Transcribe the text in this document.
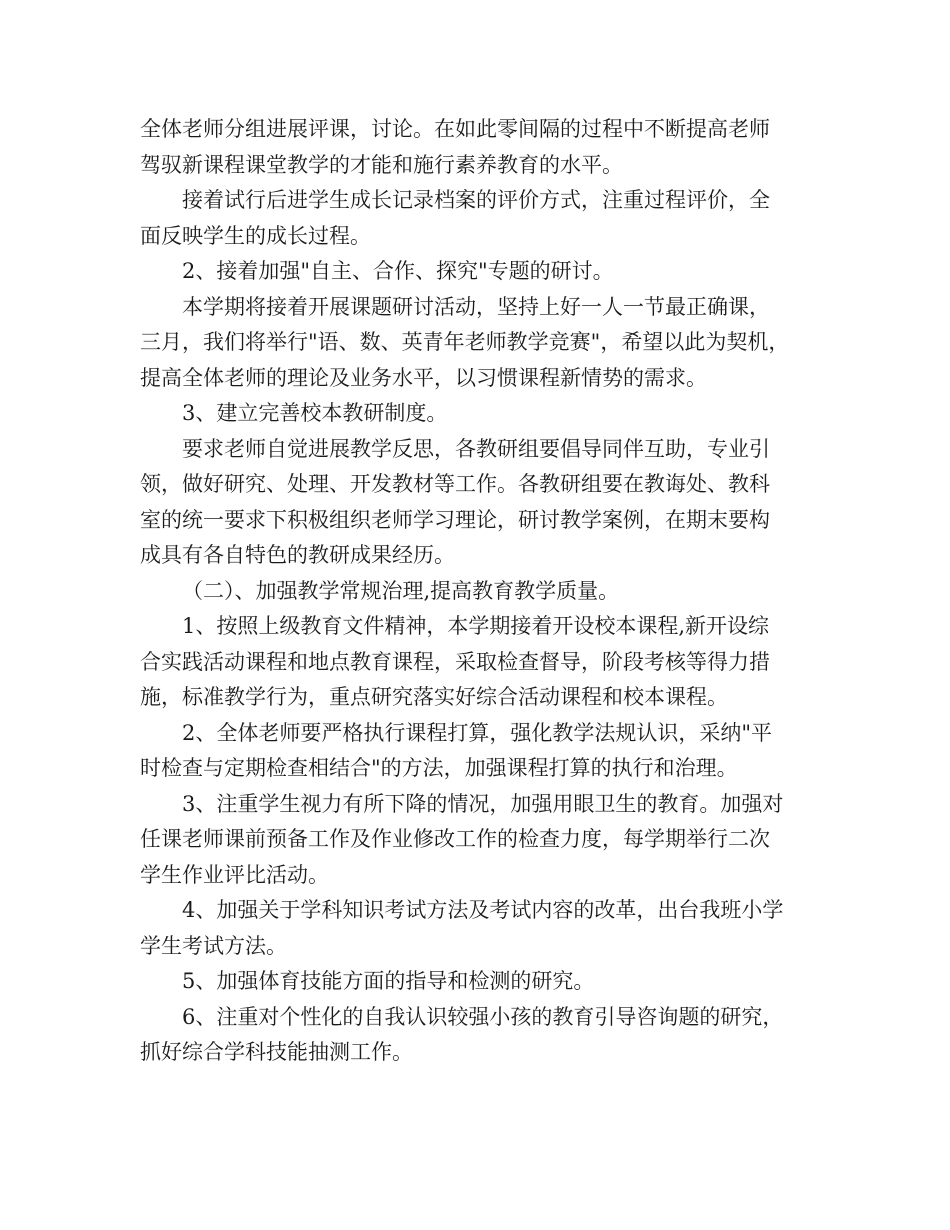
全体老师分组进展评课，讨论。在如此零间隔的过程中不断提高老师
驾驭新课程课堂教学的才能和施行素养教育的水平。

接着试行后进学生成长记录档案的评价方式，注重过程评价，全
面反映学生的成长过程。

2、接着加强"自主、合作、探究"专题的研讨。

本学期将接着开展课题研讨活动，坚持上好一人一节最正确课，
三月，我们将举行"语、数、英青年老师教学竞赛"，希望以此为契机，
提高全体老师的理论及业务水平，以习惯课程新情势的需求。

3、建立完善校本教研制度。

要求老师自觉进展教学反思，各教研组要倡导同伴互助，专业引
领，做好研究、处理、开发教材等工作。各教研组要在教诲处、教科
室的统一要求下积极组织老师学习理论，研讨教学案例，在期末要构
成具有各自特色的教研成果经历。

（二）、加强教学常规治理,提高教育教学质量。

1、按照上级教育文件精神，本学期接着开设校本课程,新开设综
合实践活动课程和地点教育课程，采取检查督导，阶段考核等得力措
施，标准教学行为，重点研究落实好综合活动课程和校本课程。

2、全体老师要严格执行课程打算，强化教学法规认识，采纳"平
时检查与定期检查相结合"的方法，加强课程打算的执行和治理。

3、注重学生视力有所下降的情况，加强用眼卫生的教育。加强对
任课老师课前预备工作及作业修改工作的检查力度，每学期举行二次
学生作业评比活动。

4、加强关于学科知识考试方法及考试内容的改革，出台我班小学
学生考试方法。

5、加强体育技能方面的指导和检测的研究。

6、注重对个性化的自我认识较强小孩的教育引导咨询题的研究，
抓好综合学科技能抽测工作。
